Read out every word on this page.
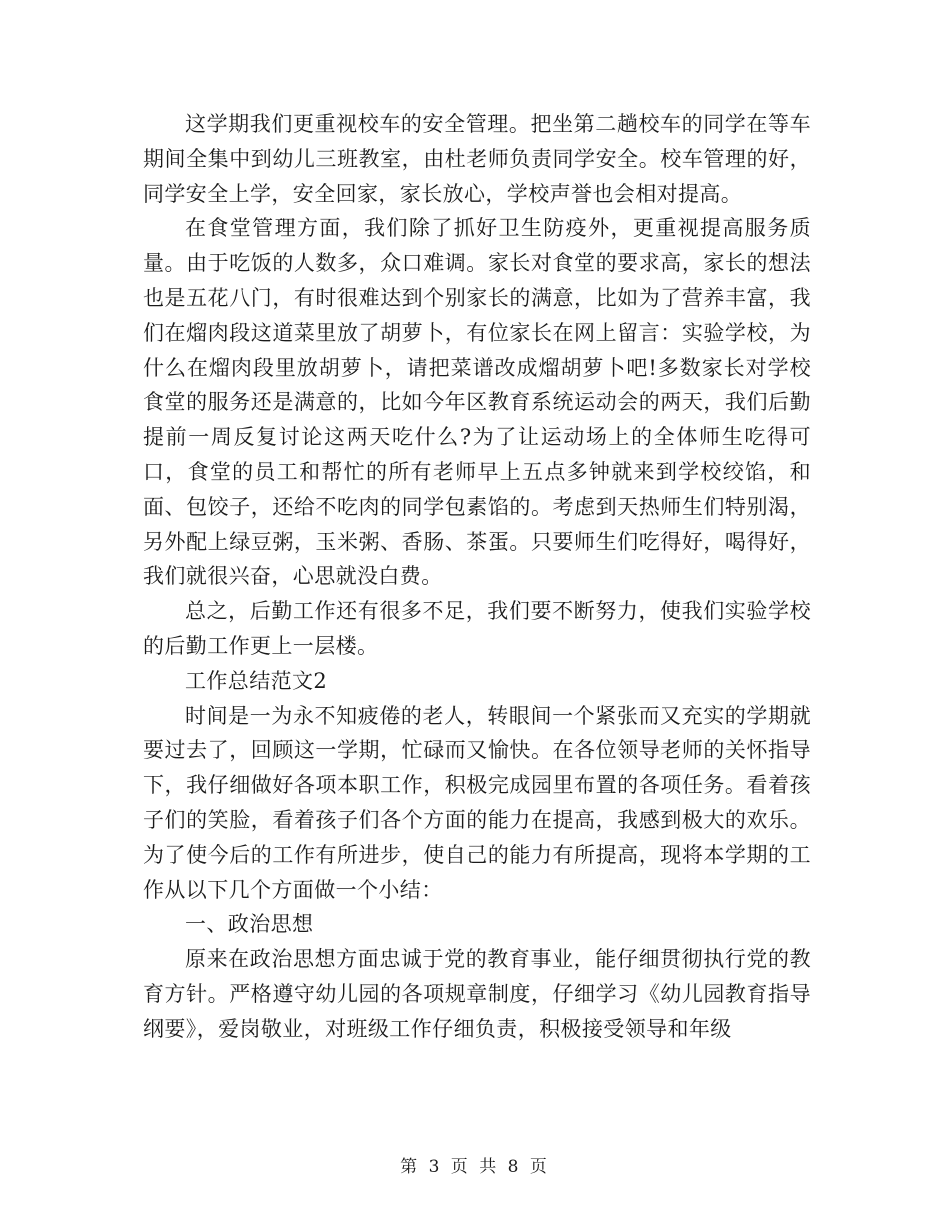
这学期我们更重视校车的安全管理。把坐第二趟校车的同学在等车期间全集中到幼儿三班教室，由杜老师负责同学安全。校车管理的好，同学安全上学，安全回家，家长放心，学校声誉也会相对提高。

在食堂管理方面，我们除了抓好卫生防疫外，更重视提高服务质量。由于吃饭的人数多，众口难调。家长对食堂的要求高，家长的想法也是五花八门，有时很难达到个别家长的满意，比如为了营养丰富，我们在熘肉段这道菜里放了胡萝卜，有位家长在网上留言：实验学校，为什么在熘肉段里放胡萝卜，请把菜谱改成熘胡萝卜吧!多数家长对学校食堂的服务还是满意的，比如今年区教育系统运动会的两天，我们后勤提前一周反复讨论这两天吃什么?为了让运动场上的全体师生吃得可口，食堂的员工和帮忙的所有老师早上五点多钟就来到学校绞馅，和面、包饺子，还给不吃肉的同学包素馅的。考虑到天热师生们特别渴，另外配上绿豆粥，玉米粥、香肠、茶蛋。只要师生们吃得好，喝得好，我们就很兴奋，心思就没白费。

总之，后勤工作还有很多不足，我们要不断努力，使我们实验学校的后勤工作更上一层楼。

工作总结范文2

时间是一为永不知疲倦的老人，转眼间一个紧张而又充实的学期就要过去了，回顾这一学期，忙碌而又愉快。在各位领导老师的关怀指导下，我仔细做好各项本职工作，积极完成园里布置的各项任务。看着孩子们的笑脸，看着孩子们各个方面的能力在提高，我感到极大的欢乐。为了使今后的工作有所进步，使自己的能力有所提高，现将本学期的工作从以下几个方面做一个小结：

一、政治思想

原来在政治思想方面忠诚于党的教育事业，能仔细贯彻执行党的教育方针。严格遵守幼儿园的各项规章制度，仔细学习《幼儿园教育指导纲要》，爱岗敬业，对班级工作仔细负责，积极接受领导和年级

第 3 页 共 8 页
